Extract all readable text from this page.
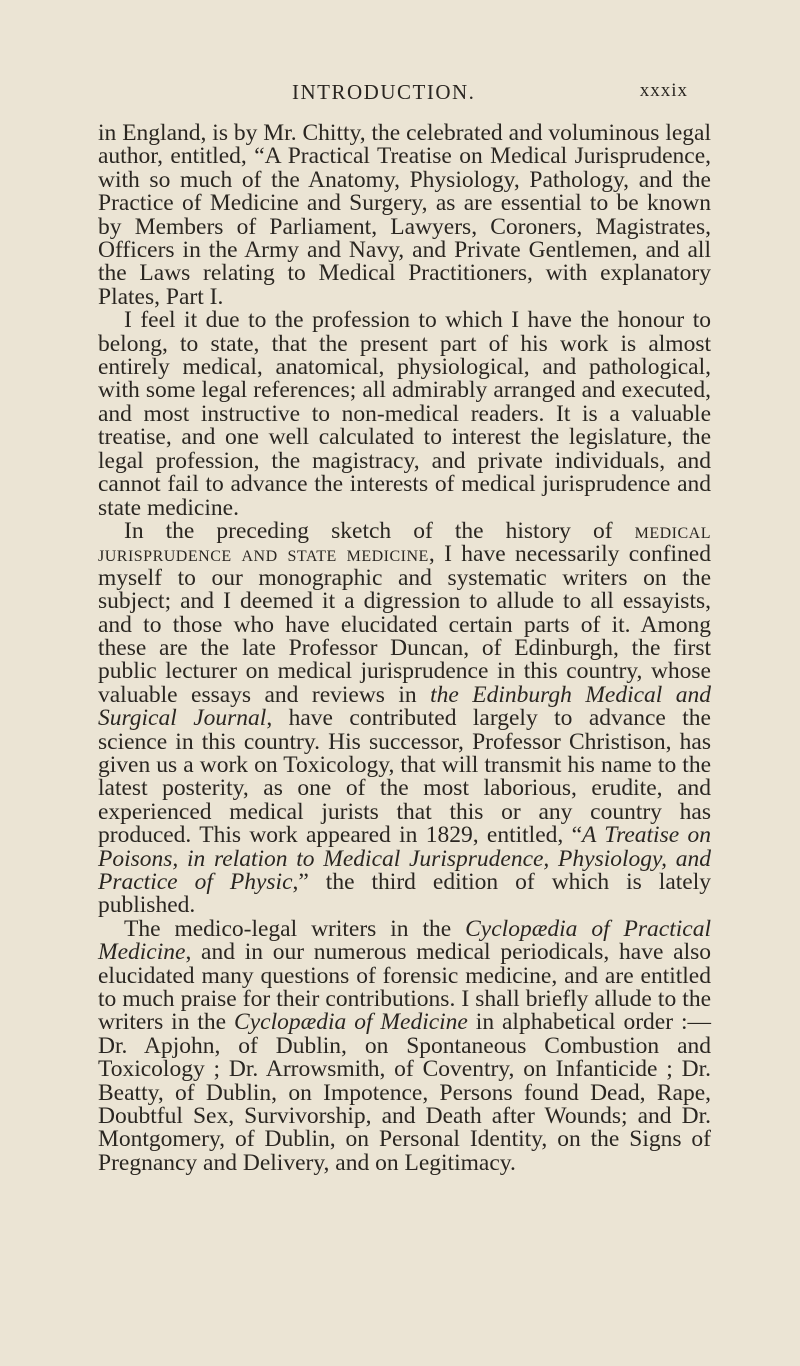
INTRODUCTION.	xxxix

in England, is by Mr. Chitty, the celebrated and voluminous legal author, entitled, “A Practical Treatise on Medical Jurisprudence, with so much of the Anatomy, Physiology, Pathology, and the Practice of Medicine and Surgery, as are essential to be known by Members of Parliament, Lawyers, Coroners, Magistrates, Officers in the Army and Navy, and Private Gentlemen, and all the Laws relating to Medical Practitioners, with explanatory Plates, Part I.

I feel it due to the profession to which I have the honour to belong, to state, that the present part of his work is almost entirely medical, anatomical, physiological, and pathological, with some legal references; all admirably arranged and executed, and most instructive to non-medical readers. It is a valuable treatise, and one well calculated to interest the legislature, the legal profession, the magistracy, and private individuals, and cannot fail to advance the interests of medical jurisprudence and state medicine.

In the preceding sketch of the history of medical jurisprudence and state medicine, I have necessarily confined myself to our monographic and systematic writers on the subject; and I deemed it a digression to allude to all essayists, and to those who have elucidated certain parts of it. Among these are the late Professor Duncan, of Edinburgh, the first public lecturer on medical jurisprudence in this country, whose valuable essays and reviews in the Edinburgh Medical and Surgical Journal, have contributed largely to advance the science in this country. His successor, Professor Christison, has given us a work on Toxicology, that will transmit his name to the latest posterity, as one of the most laborious, erudite, and experienced medical jurists that this or any country has produced. This work appeared in 1829, entitled, “A Treatise on Poisons, in relation to Medical Jurisprudence, Physiology, and Practice of Physic,” the third edition of which is lately published.

The medico-legal writers in the Cyclopædia of Practical Medicine, and in our numerous medical periodicals, have also elucidated many questions of forensic medicine, and are entitled to much praise for their contributions. I shall briefly allude to the writers in the Cyclopædia of Medicine in alphabetical order :—Dr. Apjohn, of Dublin, on Spontaneous Combustion and Toxicology ; Dr. Arrowsmith, of Coventry, on Infanticide ; Dr. Beatty, of Dublin, on Impotence, Persons found Dead, Rape, Doubtful Sex, Survivorship, and Death after Wounds; and Dr. Montgomery, of Dublin, on Personal Identity, on the Signs of Pregnancy and Delivery, and on Legitimacy.
